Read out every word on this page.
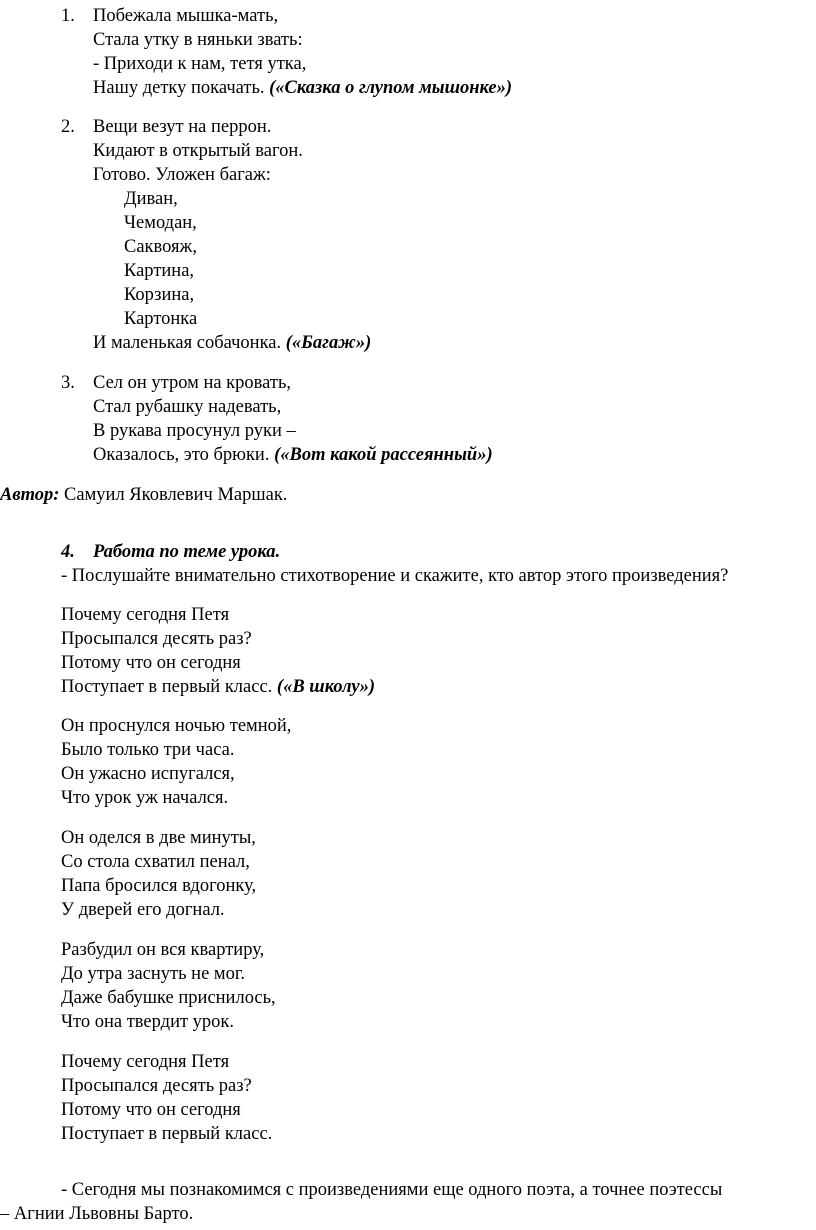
1. Побежала мышка-мать,
Стала утку в няньки звать:
- Приходи к нам, тетя утка,
Нашу детку покачать. («Сказка о глупом мышонке»)
2. Вещи везут на перрон.
Кидают в открытый вагон.
Готово. Уложен багаж:
Диван,
Чемодан,
Саквояж,
Картина,
Корзина,
Картонка
И маленькая собачонка. («Багаж»)
3. Сел он утром на кровать,
Стал рубашку надевать,
В рукава просунул руки –
Оказалось, это брюки. («Вот какой рассеянный»)
Автор: Самуил Яковлевич Маршак.
4. Работа по теме урока.
- Послушайте внимательно стихотворение и скажите, кто автор этого произведения?
Почему сегодня Петя
Просыпался десять раз?
Потому что он сегодня
Поступает в первый класс. («В школу»)
Он проснулся ночью темной,
Было только три часа.
Он ужасно испугался,
Что урок уж начался.
Он оделся в две минуты,
Со стола схватил пенал,
Папа бросился вдогонку,
У дверей его догнал.
Разбудил он вся квартиру,
До утра заснуть не мог.
Даже бабушке приснилось,
Что она твердит урок.
Почему сегодня Петя
Просыпался десять раз?
Потому что он сегодня
Поступает в первый класс.
- Сегодня мы познакомимся с произведениями еще одного поэта, а точнее поэтессы
– Агнии Львовны Барто.
